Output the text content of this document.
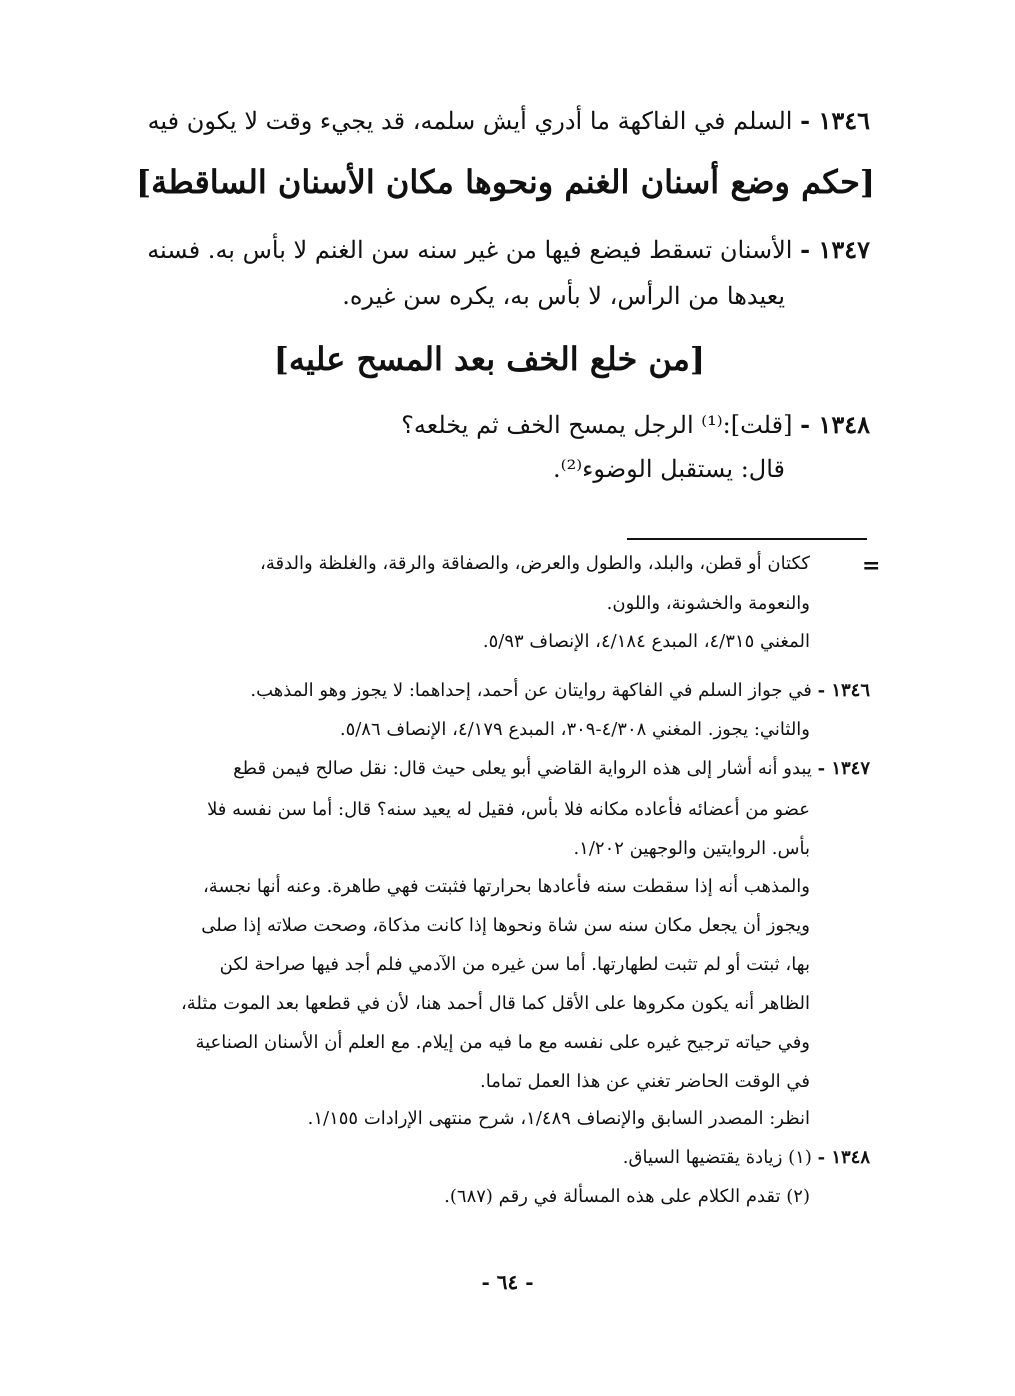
١٣٤٦ - السلم في الفاكهة ما أدري أيش سلمه، قد يجيء وقت لا يكون فيه
[حكم وضع أسنان الغنم ونحوها مكان الأسنان الساقطة]
١٣٤٧ - الأسنان تسقط فيضع فيها من غير سنه سن الغنم لا بأس به. فسنه
يعيدها من الرأس، لا بأس به، يكره سن غيره.
[من خلع الخف بعد المسح عليه]
١٣٤٨ - [قلت]:⁽¹⁾ الرجل يمسح الخف ثم يخلعه؟
قال: يستقبل الوضوء⁽²⁾.
=
ككتان أو قطن، والبلد، والطول والعرض، والصفاقة والرقة، والغلظة والدقة،
والنعومة والخشونة، واللون.
المغني ٤/٣١٥، المبدع ٤/١٨٤، الإنصاف ٥/٩٣.
١٣٤٦ - في جواز السلم في الفاكهة روايتان عن أحمد، إحداهما: لا يجوز وهو المذهب.
والثاني: يجوز. المغني ٤/٣٠٨-٣٠٩، المبدع ٤/١٧٩، الإنصاف ٥/٨٦.
١٣٤٧ - يبدو أنه أشار إلى هذه الرواية القاضي أبو يعلى حيث قال: نقل صالح فيمن قطع
عضو من أعضائه فأعاده مكانه فلا بأس، فقيل له يعيد سنه؟ قال: أما سن نفسه فلا
بأس. الروايتين والوجهين ١/٢٠٢.
والمذهب أنه إذا سقطت سنه فأعادها بحرارتها فثبتت فهي طاهرة. وعنه أنها نجسة،
ويجوز أن يجعل مكان سنه سن شاة ونحوها إذا كانت مذكاة، وصحت صلاته إذا صلى
بها، ثبتت أو لم تثبت لطهارتها. أما سن غيره من الآدمي فلم أجد فيها صراحة لكن
الظاهر أنه يكون مكروها على الأقل كما قال أحمد هنا، لأن في قطعها بعد الموت مثلة،
وفي حياته ترجيح غيره على نفسه مع ما فيه من إيلام. مع العلم أن الأسنان الصناعية
في الوقت الحاضر تغني عن هذا العمل تماما.
انظر: المصدر السابق والإنصاف ١/٤٨٩، شرح منتهى الإرادات ١/١٥٥.
١٣٤٨ - (١) زيادة يقتضيها السياق.
(٢) تقدم الكلام على هذه المسألة في رقم (٦٨٧).
- ٦٤ -
